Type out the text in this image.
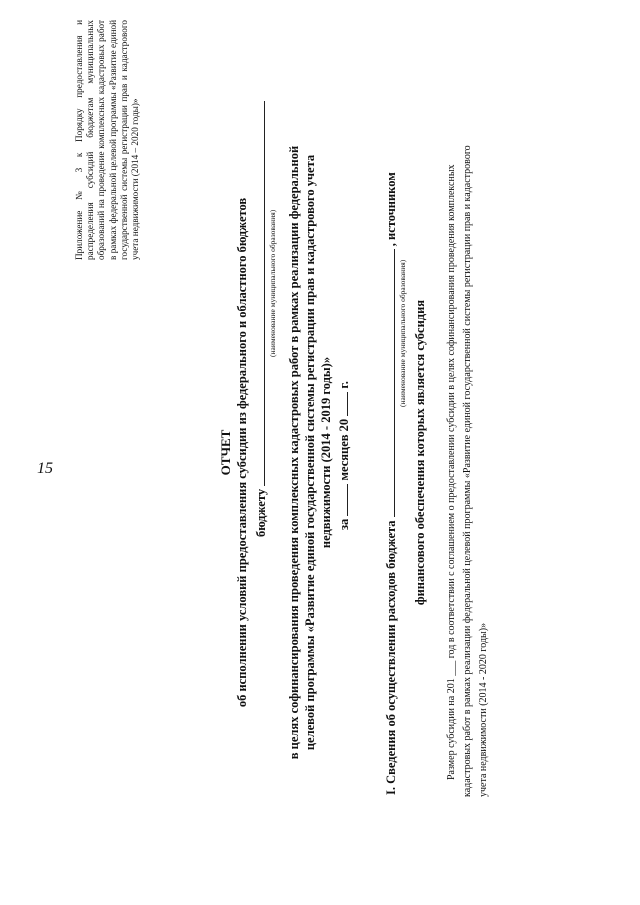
Приложение № 3 к Порядку предоставления и распределения субсидий бюджетам муниципальных образований на проведение комплексных кадастровых работ в рамках федеральной целевой программы «Развитие единой государственной системы регистрации прав и кадастрового учета недвижимости (2014 – 2020 годы)»
15	ОТЧЕТ об исполнении условий предоставления субсидии из федерального и областного бюджетов бюджету
(наименование муниципального образования) в целях софинансирования проведения комплексных кадастровых работ в рамках реализации федеральной целевой программы «Развитие единой государственной системы регистрации прав и кадастрового учета недвижимости (2014 - 2019 годы)» за  месяцев 20  г.
I. Сведения об осуществлении расходов бюджета  , источником
(наименование муниципального образования) финансового обеспечения которых является субсидия Размер субсидии на 201 ___ год в соответствии с соглашением о предоставлении субсидии в целях софинансирования проведения комплексных кадастровых работ в рамках реализации федеральной целевой программы «Развитие единой государственной системы регистрации прав и кадастрового учета недвижимости (2014 - 2020 годы)»
